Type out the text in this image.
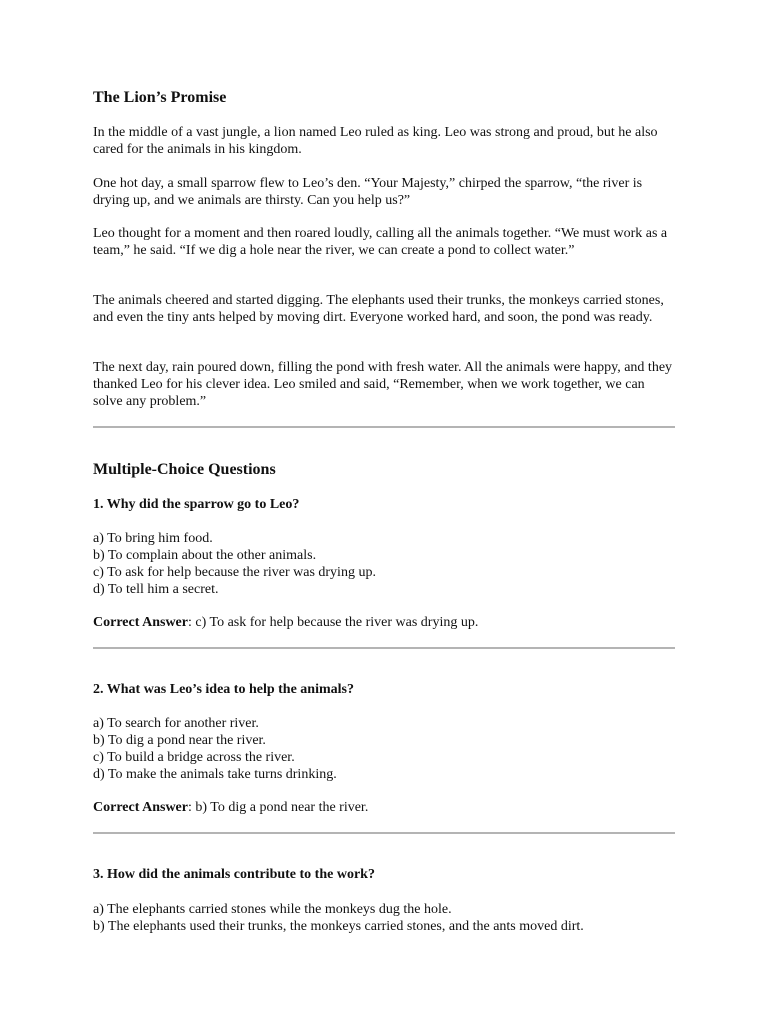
The Lion’s Promise

In the middle of a vast jungle, a lion named Leo ruled as king. Leo was strong and proud, but he also cared for the animals in his kingdom.

One hot day, a small sparrow flew to Leo’s den. “Your Majesty,” chirped the sparrow, “the river is drying up, and we animals are thirsty. Can you help us?”

Leo thought for a moment and then roared loudly, calling all the animals together. “We must work as a team,” he said. “If we dig a hole near the river, we can create a pond to collect water.”

The animals cheered and started digging. The elephants used their trunks, the monkeys carried stones, and even the tiny ants helped by moving dirt. Everyone worked hard, and soon, the pond was ready.

The next day, rain poured down, filling the pond with fresh water. All the animals were happy, and they thanked Leo for his clever idea. Leo smiled and said, “Remember, when we work together, we can solve any problem.”

Multiple-Choice Questions

1. Why did the sparrow go to Leo?

a) To bring him food.
b) To complain about the other animals.
c) To ask for help because the river was drying up.
d) To tell him a secret.

Correct Answer: c) To ask for help because the river was drying up.

2. What was Leo’s idea to help the animals?

a) To search for another river.
b) To dig a pond near the river.
c) To build a bridge across the river.
d) To make the animals take turns drinking.

Correct Answer: b) To dig a pond near the river.

3. How did the animals contribute to the work?

a) The elephants carried stones while the monkeys dug the hole.
b) The elephants used their trunks, the monkeys carried stones, and the ants moved dirt.
